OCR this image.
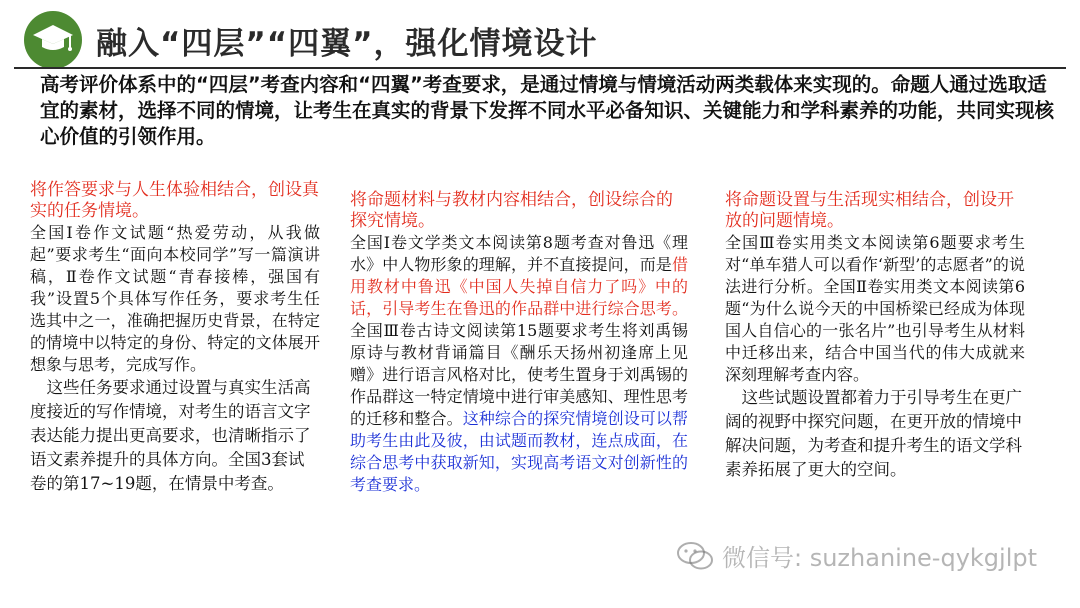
融入“四层”“四翼”，强化情境设计
高考评价体系中的“四层”考查内容和“四翼”考查要求，是通过情境与情境活动两类载体来实现的。命题人通过选取适宜的素材，选择不同的情境，让考生在真实的背景下发挥不同水平必备知识、关键能力和学科素养的功能，共同实现核心价值的引领作用。
将作答要求与人生体验相结合，创设真实的任务情境。
全国Ⅰ卷作文试题“热爱劳动，从我做起”要求考生“面向本校同学”写一篇演讲稿，Ⅱ卷作文试题“青春接棒，强国有我”设置5个具体写作任务，要求考生任选其中之一，准确把握历史背景，在特定的情境中以特定的身份、特定的文体展开想象与思考，完成写作。
这些任务要求通过设置与真实生活高度接近的写作情境，对考生的语言文字表达能力提出更高要求，也清晰指示了语文素养提升的具体方向。全国3套试卷的第17~19题，在情景中考查。
将命题材料与教材内容相结合，创设综合的探究情境。
全国Ⅰ卷文学类文本阅读第8题考查对鲁迅《理水》中人物形象的理解，并不直接提问，而是借用教材中鲁迅《中国人失掉自信力了吗》中的话，引导考生在鲁迅的作品群中进行综合思考。全国Ⅲ卷古诗文阅读第15题要求考生将刘禹锡原诗与教材背诵篇目《酬乐天扬州初逢席上见赠》进行语言风格对比，使考生置身于刘禹锡的作品群这一特定情境中进行审美感知、理性思考的迁移和整合。这种综合的探究情境创设可以帮助考生由此及彼，由试题而教材，连点成面，在综合思考中获取新知，实现高考语文对创新性的考查要求。
将命题设置与生活现实相结合，创设开放的问题情境。
全国Ⅲ卷实用类文本阅读第6题要求考生对“单车猎人可以看作‘新型’的志愿者”的说法进行分析。全国Ⅱ卷实用类文本阅读第6题“为什么说今天的中国桥梁已经成为体现国人自信心的一张名片”也引导考生从材料中迁移出来，结合中国当代的伟大成就来深刻理解考查内容。
这些试题设置都着力于引导考生在更广阔的视野中探究问题，在更开放的情境中解决问题，为考查和提升考生的语文学科素养拓展了更大的空间。
微信号: suzhanine-qykgjlpt
